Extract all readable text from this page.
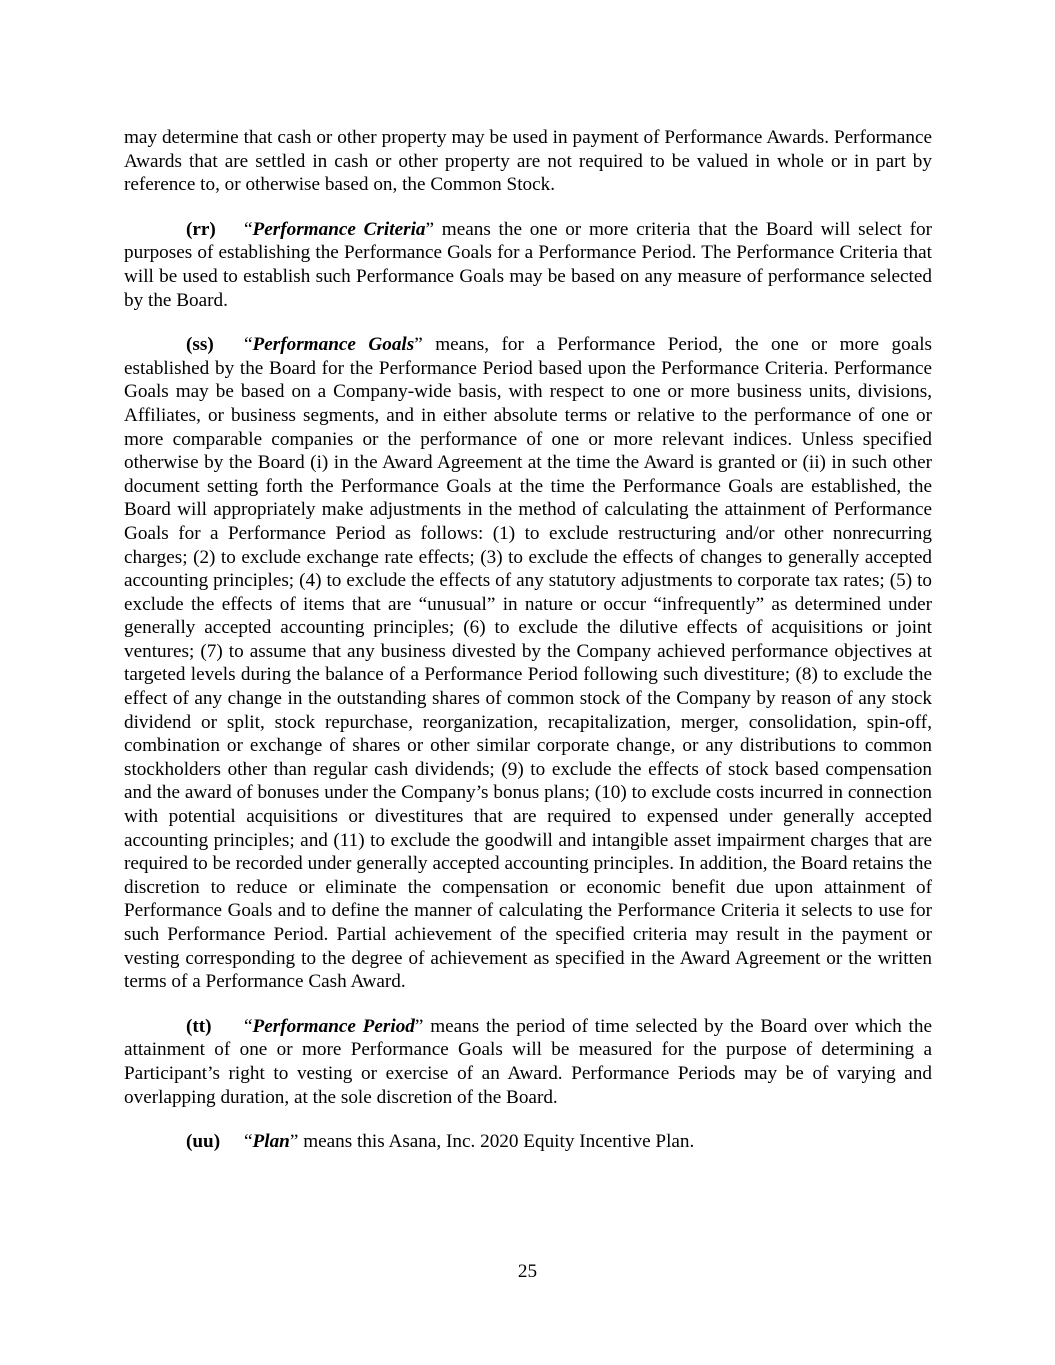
may determine that cash or other property may be used in payment of Performance Awards. Performance Awards that are settled in cash or other property are not required to be valued in whole or in part by reference to, or otherwise based on, the Common Stock.

(rr) “Performance Criteria” means the one or more criteria that the Board will select for purposes of establishing the Performance Goals for a Performance Period. The Performance Criteria that will be used to establish such Performance Goals may be based on any measure of performance selected by the Board.

(ss) “Performance Goals” means, for a Performance Period, the one or more goals established by the Board for the Performance Period based upon the Performance Criteria. Performance Goals may be based on a Company-wide basis, with respect to one or more business units, divisions, Affiliates, or business segments, and in either absolute terms or relative to the performance of one or more comparable companies or the performance of one or more relevant indices. Unless specified otherwise by the Board (i) in the Award Agreement at the time the Award is granted or (ii) in such other document setting forth the Performance Goals at the time the Performance Goals are established, the Board will appropriately make adjustments in the method of calculating the attainment of Performance Goals for a Performance Period as follows: (1) to exclude restructuring and/or other nonrecurring charges; (2) to exclude exchange rate effects; (3) to exclude the effects of changes to generally accepted accounting principles; (4) to exclude the effects of any statutory adjustments to corporate tax rates; (5) to exclude the effects of items that are “unusual” in nature or occur “infrequently” as determined under generally accepted accounting principles; (6) to exclude the dilutive effects of acquisitions or joint ventures; (7) to assume that any business divested by the Company achieved performance objectives at targeted levels during the balance of a Performance Period following such divestiture; (8) to exclude the effect of any change in the outstanding shares of common stock of the Company by reason of any stock dividend or split, stock repurchase, reorganization, recapitalization, merger, consolidation, spin-off, combination or exchange of shares or other similar corporate change, or any distributions to common stockholders other than regular cash dividends; (9) to exclude the effects of stock based compensation and the award of bonuses under the Company’s bonus plans; (10) to exclude costs incurred in connection with potential acquisitions or divestitures that are required to expensed under generally accepted accounting principles; and (11) to exclude the goodwill and intangible asset impairment charges that are required to be recorded under generally accepted accounting principles. In addition, the Board retains the discretion to reduce or eliminate the compensation or economic benefit due upon attainment of Performance Goals and to define the manner of calculating the Performance Criteria it selects to use for such Performance Period. Partial achievement of the specified criteria may result in the payment or vesting corresponding to the degree of achievement as specified in the Award Agreement or the written terms of a Performance Cash Award.

(tt) “Performance Period” means the period of time selected by the Board over which the attainment of one or more Performance Goals will be measured for the purpose of determining a Participant’s right to vesting or exercise of an Award. Performance Periods may be of varying and overlapping duration, at the sole discretion of the Board.

(uu) “Plan” means this Asana, Inc. 2020 Equity Incentive Plan.

25
